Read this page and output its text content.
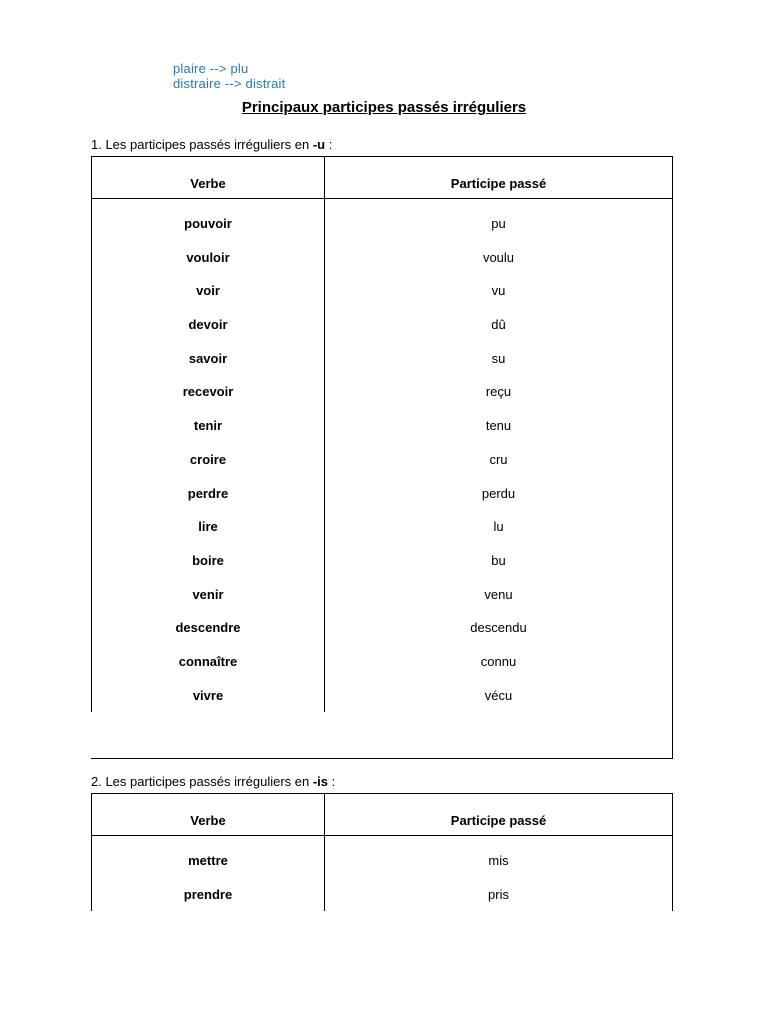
plaire --> plu
distraire --> distrait
Principaux participes passés irréguliers
1. Les participes passés irréguliers en -u :
Verbe	Participe passé
pouvoir	pu
vouloir	voulu
voir	vu
devoir	dû
savoir	su
recevoir	reçu
tenir	tenu
croire	cru
perdre	perdu
lire	lu
boire	bu
venir	venu
descendre	descendu
connaître	connu
vivre	vécu
2. Les participes passés irréguliers en -is :
Verbe	Participe passé
mettre	mis
prendre	pris
